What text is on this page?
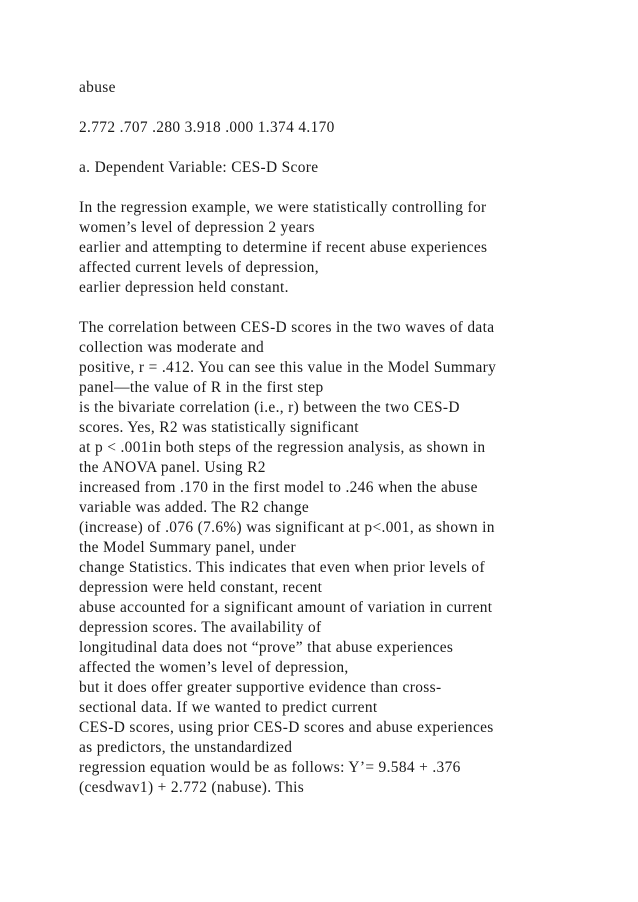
abuse
2.772 .707 .280 3.918 .000 1.374 4.170
a. Dependent Variable: CES-D Score
In the regression example, we were statistically controlling for
women’s level of depression 2 years
earlier and attempting to determine if recent abuse experiences
affected current levels of depression,
earlier depression held constant.
The correlation between CES-D scores in the two waves of data
collection was moderate and
positive, r = .412. You can see this value in the Model Summary
panel—the value of R in the first step
is the bivariate correlation (i.e., r) between the two CES-D
scores. Yes, R2 was statistically significant
at p < .001in both steps of the regression analysis, as shown in
the ANOVA panel. Using R2
increased from .170 in the first model to .246 when the abuse
variable was added. The R2 change
(increase) of .076 (7.6%) was significant at p<.001, as shown in
the Model Summary panel, under
change Statistics. This indicates that even when prior levels of
depression were held constant, recent
abuse accounted for a significant amount of variation in current
depression scores. The availability of
longitudinal data does not “prove” that abuse experiences
affected the women’s level of depression,
but it does offer greater supportive evidence than cross-
sectional data. If we wanted to predict current
CES-D scores, using prior CES-D scores and abuse experiences
as predictors, the unstandardized
regression equation would be as follows: Y’= 9.584 + .376
(cesdwav1) + 2.772 (nabuse). This
